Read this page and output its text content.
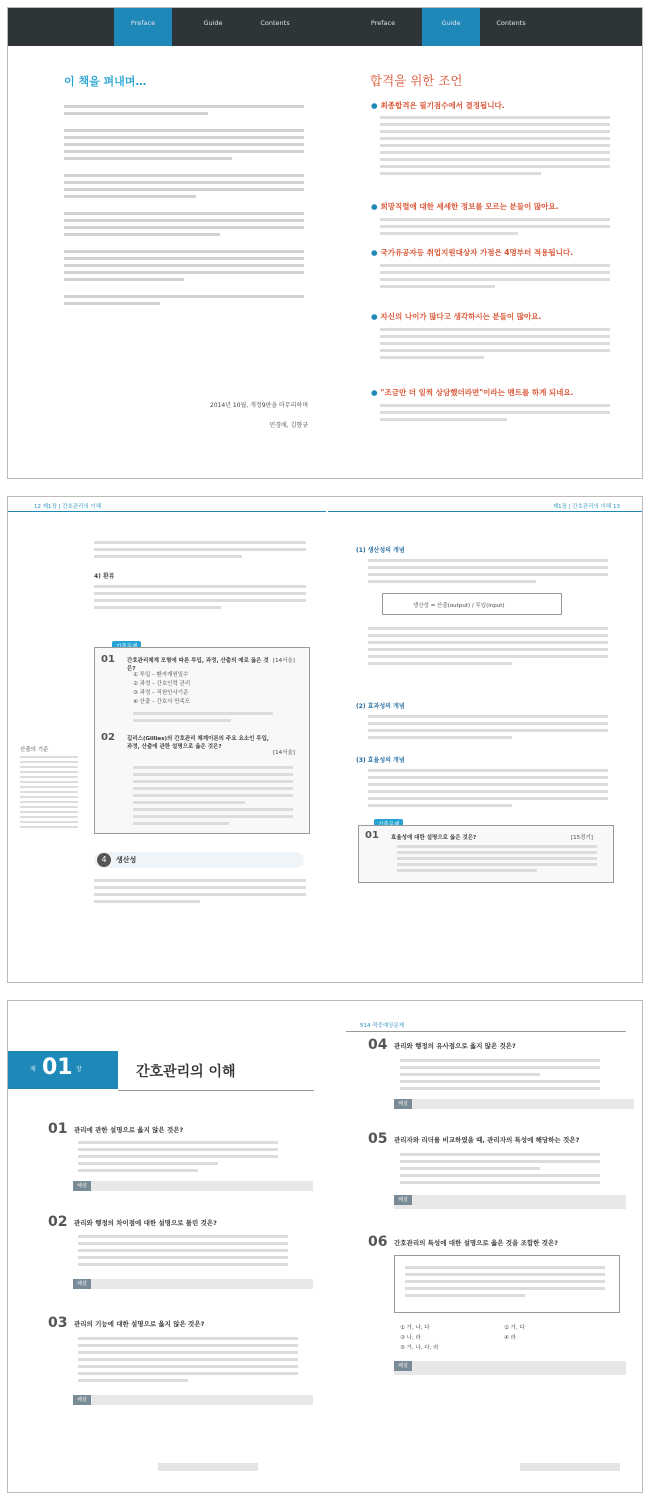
Preface	Guide	Contents	Preface	Guide	Contents
이 책을 펴내며…
2014년 10월, 개정9판을 마무리하며
민경애, 김향규
합격을 위한 조언
● 최종합격은 필기점수에서 결정됩니다.
● 희망직렬에 대한 세세한 정보를 모르는 분들이 많아요.
● 국가유공자등 취업지원대상자 가점은 4명부터 적용됩니다.
● 자신의 나이가 많다고 생각하시는 분들이 많아요.
● "조금만 더 일찍 상담했더라면"이라는 멘트를 하게 되네요.
12 제1장 | 간호관리의 이해	제1장 | 간호관리의 이해 13
4) 환류
01 간호관리체계 모형에 따른 투입, 과정, 산출의 예로 옳은 것은?
[14서울]
① 투입 – 환자재원일수
② 과정 – 간호인력 관리
③ 과정 – 직원인사기준
④ 산출 – 간호사 만족도
02 길리스(Gillies)의 간호관리 체계이론의 주요 요소인 투입, 과정, 산출에 관한 설명으로 옳은 것은?
[14서울]
산출의 기준
4	생산성
(1) 생산성의 개념
생산성 = 산출(output) / 투입(input)
(2) 효과성의 개념
(3) 효율성의 개념
01 효율성에 대한 설명으로 옳은 것은?	[15경기]
제 01 장	간호관리의 이해
514 적중예상문제
01 관리에 관한 설명으로 옳지 않은 것은?
해설
02 관리와 행정의 차이점에 대한 설명으로 틀린 것은?
해설
03 관리의 기능에 대한 설명으로 옳지 않은 것은?
해설
04 관리와 행정의 유사점으로 옳지 않은 것은?
해설
05 관리자와 리더를 비교하였을 때, 관리자의 특성에 해당하는 것은?
해설
06 간호관리의 특성에 대한 설명으로 옳은 것을 조합한 것은?
① 가, 나, 다	② 가, 다
③ 나, 라	④ 라
⑤ 가, 나, 다, 라
해설
